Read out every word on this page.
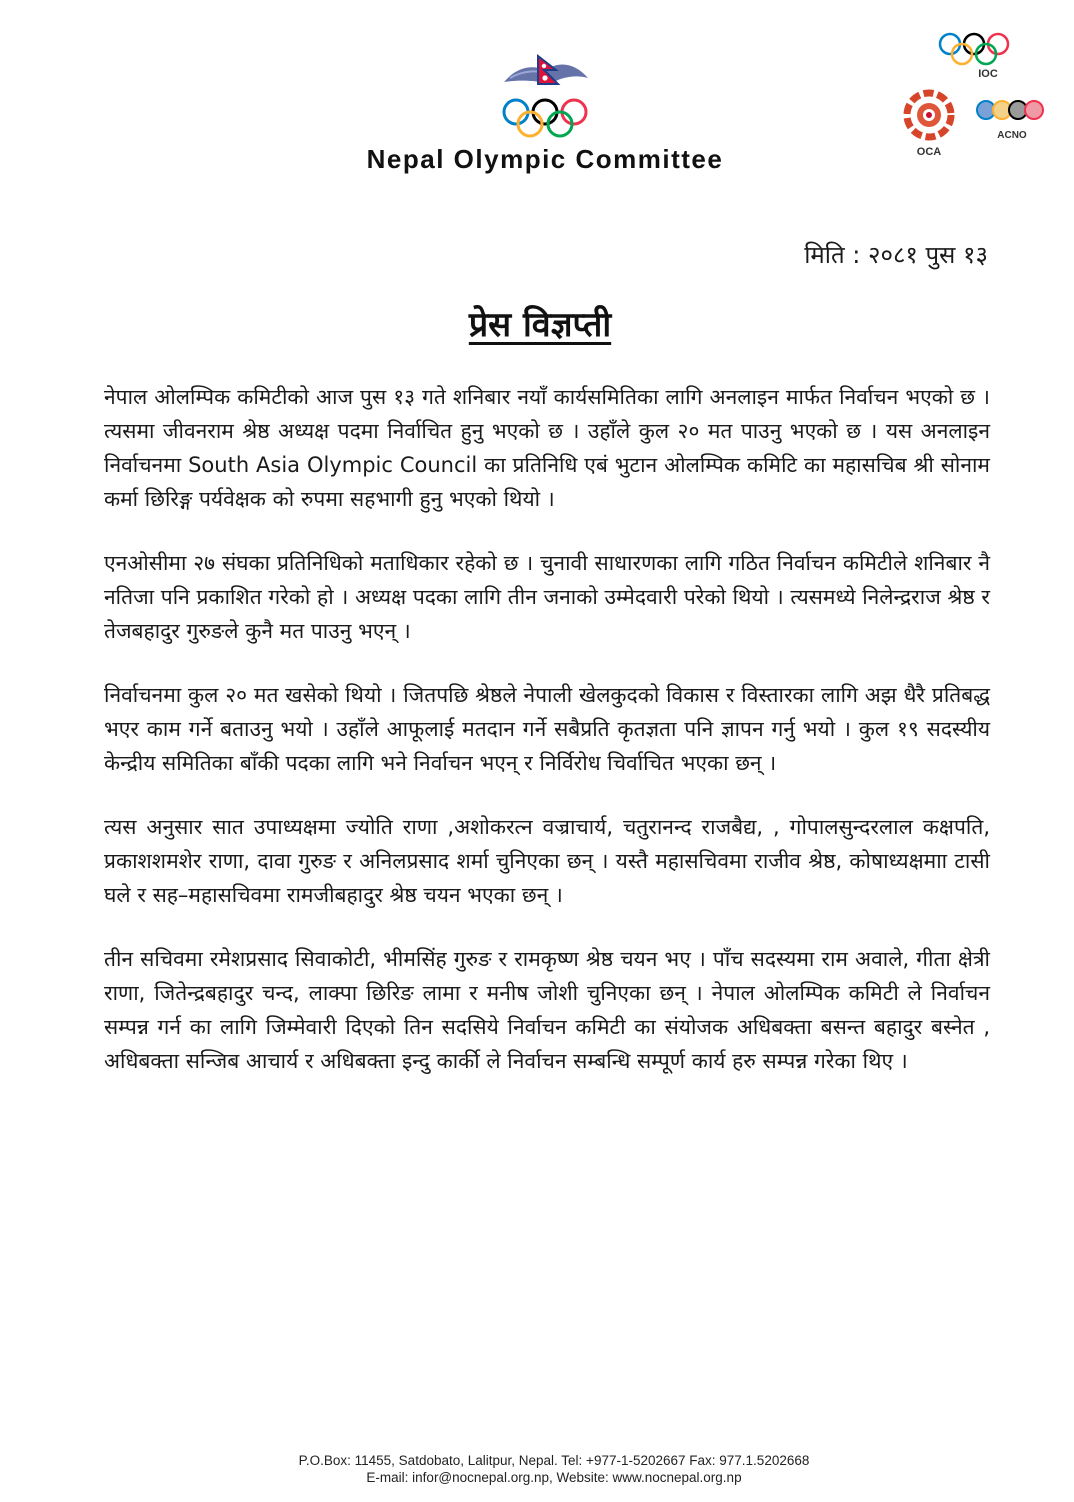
Nepal Olympic Committee
IOC
OCA
ACNO
मिति : २०८१ पुस १३
प्रेस विज्ञप्ती

नेपाल ओलम्पिक कमिटीको आज पुस १३ गते शनिबार नयाँ कार्यसमितिका लागि अनलाइन मार्फत निर्वाचन भएको छ । त्यसमा जीवनराम श्रेष्ठ अध्यक्ष पदमा निर्वाचित हुनु भएको छ । उहाँले कुल २० मत पाउनु भएको छ । यस अनलाइन निर्वाचनमा South Asia Olympic Council का प्रतिनिधि एबं भुटान ओलम्पिक कमिटि का महासचिब श्री सोनाम कर्मा छिरिङ्ग पर्यवेक्षक को रुपमा सहभागी हुनु भएको थियो ।

एनओसीमा २७ संघका प्रतिनिधिको मताधिकार रहेको छ । चुनावी साधारणका लागि गठित निर्वाचन कमिटीले शनिबार नै नतिजा पनि प्रकाशित गरेको हो । अध्यक्ष पदका लागि तीन जनाको उम्मेदवारी परेको थियो । त्यसमध्ये निलेन्द्रराज श्रेष्ठ र तेजबहादुर गुरुङले कुनै मत पाउनु भएन् ।

निर्वाचनमा कुल २० मत खसेको थियो । जितपछि श्रेष्ठले नेपाली खेलकुदको विकास र विस्तारका लागि अझ धैरै प्रतिबद्ध भएर काम गर्ने बताउनु भयो । उहाँले आफूलाई मतदान गर्ने सबैप्रति कृतज्ञता पनि ज्ञापन गर्नु भयो । कुल १९ सदस्यीय केन्द्रीय समितिका बाँकी पदका लागि भने निर्वाचन भएन् र निर्विरोध चिर्वाचित भएका छन् ।

त्यस अनुसार सात उपाध्यक्षमा ज्योति राणा ,अशोकरत्न वज्राचार्य, चतुरानन्द राजबैद्य, , गोपालसुन्दरलाल कक्षपति, प्रकाशशमशेर राणा, दावा गुरुङ र अनिलप्रसाद शर्मा चुनिएका छन् । यस्तै महासचिवमा राजीव श्रेष्ठ, कोषाध्यक्षमाा टासी घले र सह–महासचिवमा रामजीबहादुर श्रेष्ठ चयन भएका छन् ।

तीन सचिवमा रमेशप्रसाद सिवाकोटी, भीमसिंह गुरुङ र रामकृष्ण श्रेष्ठ चयन भए । पाँच सदस्यमा राम अवाले, गीता क्षेत्री राणा, जितेन्द्रबहादुर चन्द, लाक्पा छिरिङ लामा र मनीष जोशी चुनिएका छन् । नेपाल ओलम्पिक कमिटी ले निर्वाचन सम्पन्न गर्न का लागि जिम्मेवारी दिएको तिन सदसिये निर्वाचन कमिटी का संयोजक अधिबक्ता बसन्त बहादुर बस्नेत , अधिबक्ता सन्जिब आचार्य र अधिबक्ता इन्दु कार्की ले निर्वाचन सम्बन्धि सम्पूर्ण कार्य हरु सम्पन्न गरेका थिए ।

P.O.Box: 11455, Satdobato, Lalitpur, Nepal. Tel: +977-1-5202667 Fax: 977.1.5202668
E-mail: infor@nocnepal.org.np, Website: www.nocnepal.org.np
